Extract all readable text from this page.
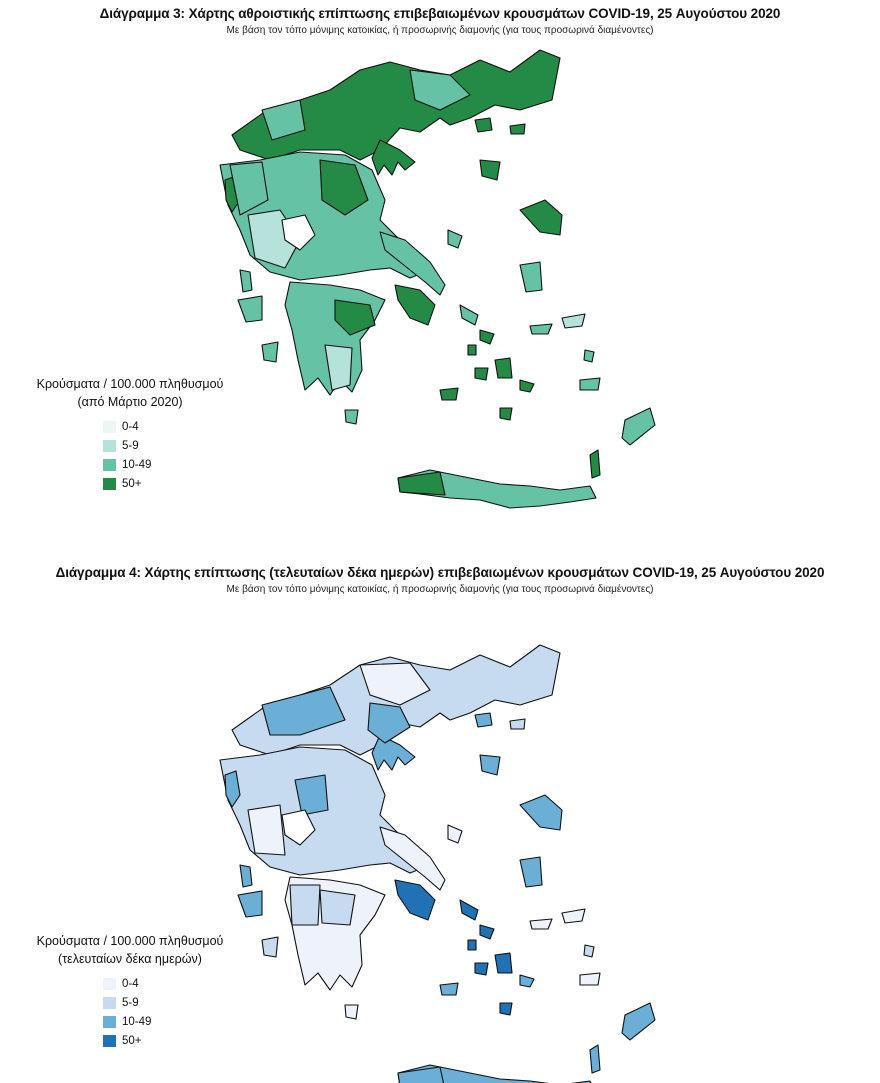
Διάγραμμα 3: Χάρτης αθροιστικής επίπτωσης επιβεβαιωμένων κρουσμάτων COVID-19, 25 Αυγούστου 2020
Με βάση τον τόπο μόνιμης κατοικίας, ή προσωρινής διαμονής (για τους προσωρινά διαμένοντες)
Κρούσματα / 100.000 πληθυσμού
(από Μάρτιο 2020)
0-4
5-9
10-49
50+
Διάγραμμα 4: Χάρτης επίπτωσης (τελευταίων δέκα ημερών) επιβεβαιωμένων κρουσμάτων COVID-19, 25 Αυγούστου 2020
Με βάση τον τόπο μόνιμης κατοικίας, ή προσωρινής διαμονής (για τους προσωρινά διαμένοντες)
Κρούσματα / 100.000 πληθυσμού
(τελευταίων δέκα ημερών)
0-4
5-9
10-49
50+
